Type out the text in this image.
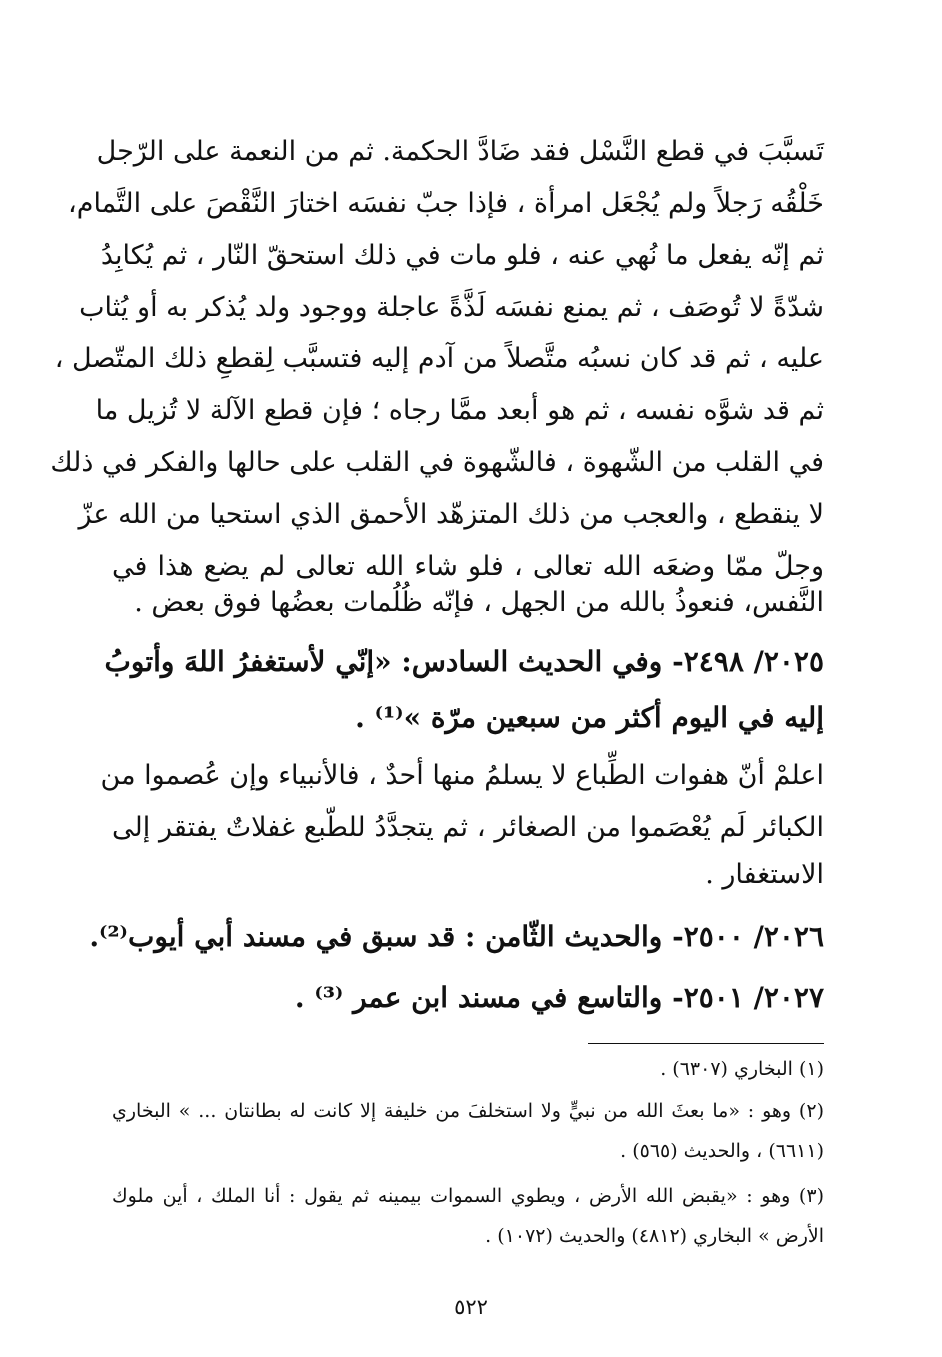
تَسبَّبَ في قطع النَّسْل فقد ضَادَّ الحكمة. ثم من النعمة على الرّجل
خَلْقُه رَجلاً ولم يُجْعَل امرأة ، فإذا جبّ نفسَه اختارَ النَّقْصَ على التَّمام،
ثم إنّه يفعل ما نُهي عنه ، فلو مات في ذلك استحقّ النّار ، ثم يُكابِدُ
شدّةً لا تُوصَف ، ثم يمنع نفسَه لَذَّةً عاجلة ووجود ولد يُذكر به أو يُثاب
عليه ، ثم قد كان نسبُه متَّصلاً من آدم إليه فتسبَّب لِقطعِ ذلك المتّصل ،
ثم قد شوَّه نفسه ، ثم هو أبعد ممَّا رجاه ؛ فإن قطع الآلة لا تُزيل ما
في القلب من الشّهوة ، فالشّهوة في القلب على حالها والفكر في ذلك
لا ينقطع ، والعجب من ذلك المتزهّد الأحمق الذي استحيا من الله عزّ
وجلّ ممّا وضعَه الله تعالى ، فلو شاء الله تعالى لم يضع هذا في
النَّفس، فنعوذُ بالله من الجهل ، فإنّه ظُلُمات بعضُها فوق بعض .
٢٠٢٥/ ٢٤٩٨- وفي الحديث السادس: «إنّي لأستغفرُ اللهَ وأتوبُ
إليه في اليوم أكثر من سبعين مرّة »⁽¹⁾ .
اعلمْ أنّ هفوات الطِّباع لا يسلمُ منها أحدٌ ، فالأنبياء وإن عُصموا من
الكبائر لَم يُعْصَموا من الصغائر ، ثم يتجدَّدُ للطّبع غفلاتٌ يفتقر إلى
الاستغفار .
٢٠٢٦/ ٢٥٠٠- والحديث الثّامن : قد سبق في مسند أبي أيوب⁽²⁾.
٢٠٢٧/ ٢٥٠١- والتاسع في مسند ابن عمر ⁽³⁾ .
(١) البخاري (٦٣٠٧) .
(٢) وهو : «ما بعثَ الله من نبيٍّ ولا استخلفَ من خليفة إلا كانت له بطانتان ... » البخاري
(٦٦١١) ، والحديث (٥٦٥) .
(٣) وهو : «يقبض الله الأرض ، ويطوي السموات بيمينه ثم يقول : أنا الملك ، أين ملوك
الأرض » البخاري (٤٨١٢) والحديث (١٠٧٢) .
٥٢٢
